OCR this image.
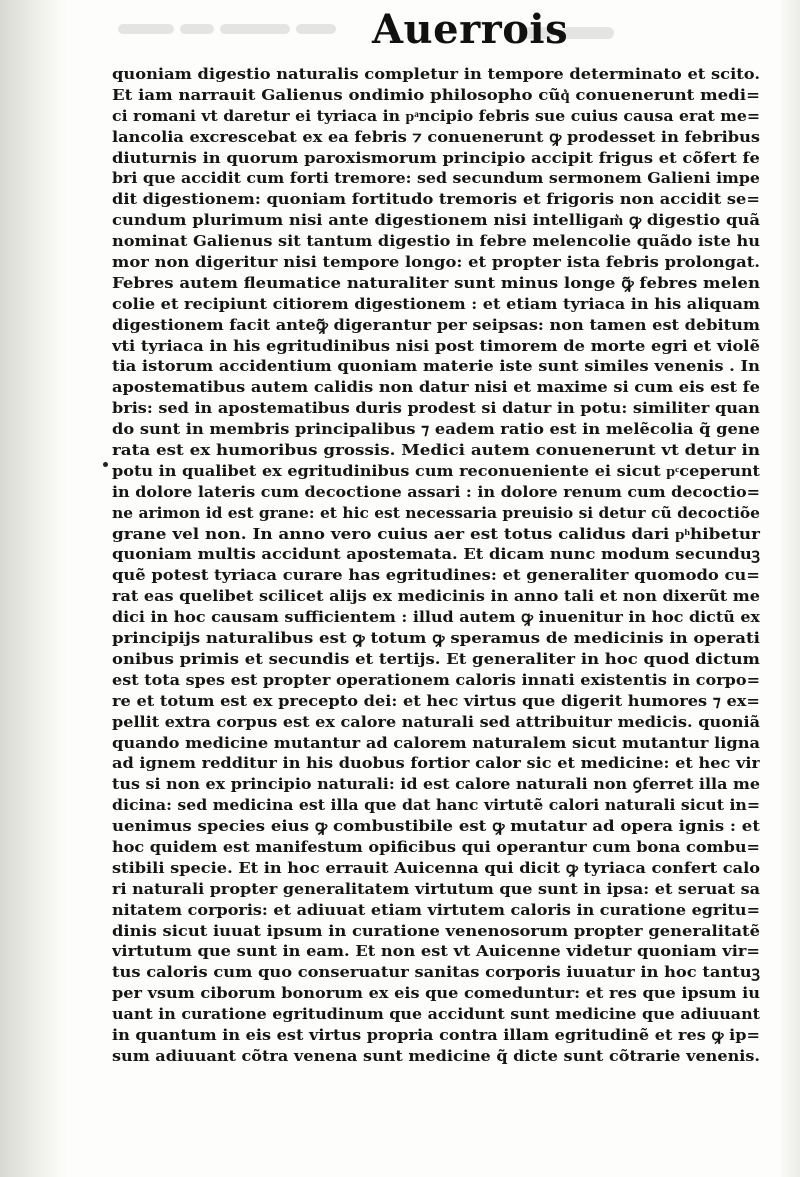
Auerrois
quoniam digestio naturalis completur in tempore determinato et scito.
Et iam narrauit Galienus ondimio philosopho cũq͛ conuenerunt medi=
ci romani vt daretur ei tyriaca in pͣncipio febris sue cuius causa erat me=
lancolia excrescebat ex ea febris ⁊ conuenerunt ꝙ prodesset in febribus
diuturnis in quorum paroxismorum principio accipit frigus et cõfert fe
bri que accidit cum forti tremore: sed secundum sermonem Galieni impe
dit digestionem: quoniam fortitudo tremoris et frigoris non accidit se=
cundum plurimum nisi ante digestionem nisi intelligam͛ ꝙ digestio quã
nominat Galienus sit tantum digestio in febre melencolie quãdo iste hu
mor non digeritur nisi tempore longo: et propter ista febris prolongat.
Febres autem fleumatice naturaliter sunt minus longe ꝙ̃ febres melen
colie et recipiunt citiorem digestionem : et etiam tyriaca in his aliquam
digestionem facit anteꝙ̃ digerantur per seipsas: non tamen est debitum
vti tyriaca in his egritudinibus nisi post timorem de morte egri et violẽ
tia istorum accidentium quoniam materie iste sunt similes venenis . In
apostematibus autem calidis non datur nisi et maxime si cum eis est fe
bris: sed in apostematibus duris prodest si datur in potu: similiter quan
do sunt in membris principalibus ⁊ eadem ratio est in melẽcolia q̃ gene
rata est ex humoribus grossis. Medici autem conuenerunt vt detur in
potu in qualibet ex egritudinibus cum reconueniente ei sicut pͨceperunt
in dolore lateris cum decoctione assari : in dolore renum cum decoctio=
ne arimon id est grane: et hic est necessaria preuisio si detur cũ decoctiõe
grane vel non. In anno vero cuius aer est totus calidus dari pͪhibetur
quoniam multis accidunt apostemata. Et dicam nunc modum secunduꝫ
quẽ potest tyriaca curare has egritudines: et generaliter quomodo cu=
rat eas quelibet scilicet alijs ex medicinis in anno tali et non dixerũt me
dici in hoc causam sufficientem : illud autem ꝙ inuenitur in hoc dictũ ex
principijs naturalibus est ꝙ totum ꝙ speramus de medicinis in operati
onibus primis et secundis et tertijs. Et generaliter in hoc quod dictum
est tota spes est propter operationem caloris innati existentis in corpo=
re et totum est ex precepto dei: et hec virtus que digerit humores ⁊ ex=
pellit extra corpus est ex calore naturali sed attribuitur medicis. quoniã
quando medicine mutantur ad calorem naturalem sicut mutantur ligna
ad ignem redditur in his duobus fortior calor sic et medicine: et hec vir
tus si non ex principio naturali: id est calore naturali non ꝯferret illa me
dicina: sed medicina est illa que dat hanc virtutẽ calori naturali sicut in=
uenimus species eius ꝙ combustibile est ꝙ mutatur ad opera ignis : et
hoc quidem est manifestum opificibus qui operantur cum bona combu=
stibili specie. Et in hoc errauit Auicenna qui dicit ꝙ tyriaca confert calo
ri naturali propter generalitatem virtutum que sunt in ipsa: et seruat sa
nitatem corporis: et adiuuat etiam virtutem caloris in curatione egritu=
dinis sicut iuuat ipsum in curatione venenosorum propter generalitatẽ
virtutum que sunt in eam. Et non est vt Auicenne videtur quoniam vir=
tus caloris cum quo conseruatur sanitas corporis iuuatur in hoc tantuꝫ
per vsum ciborum bonorum ex eis que comeduntur: et res que ipsum iu
uant in curatione egritudinum que accidunt sunt medicine que adiuuant
in quantum in eis est virtus propria contra illam egritudinẽ et res ꝙ ip=
sum adiuuant cõtra venena sunt medicine q̃ dicte sunt cõtrarie venenis.
